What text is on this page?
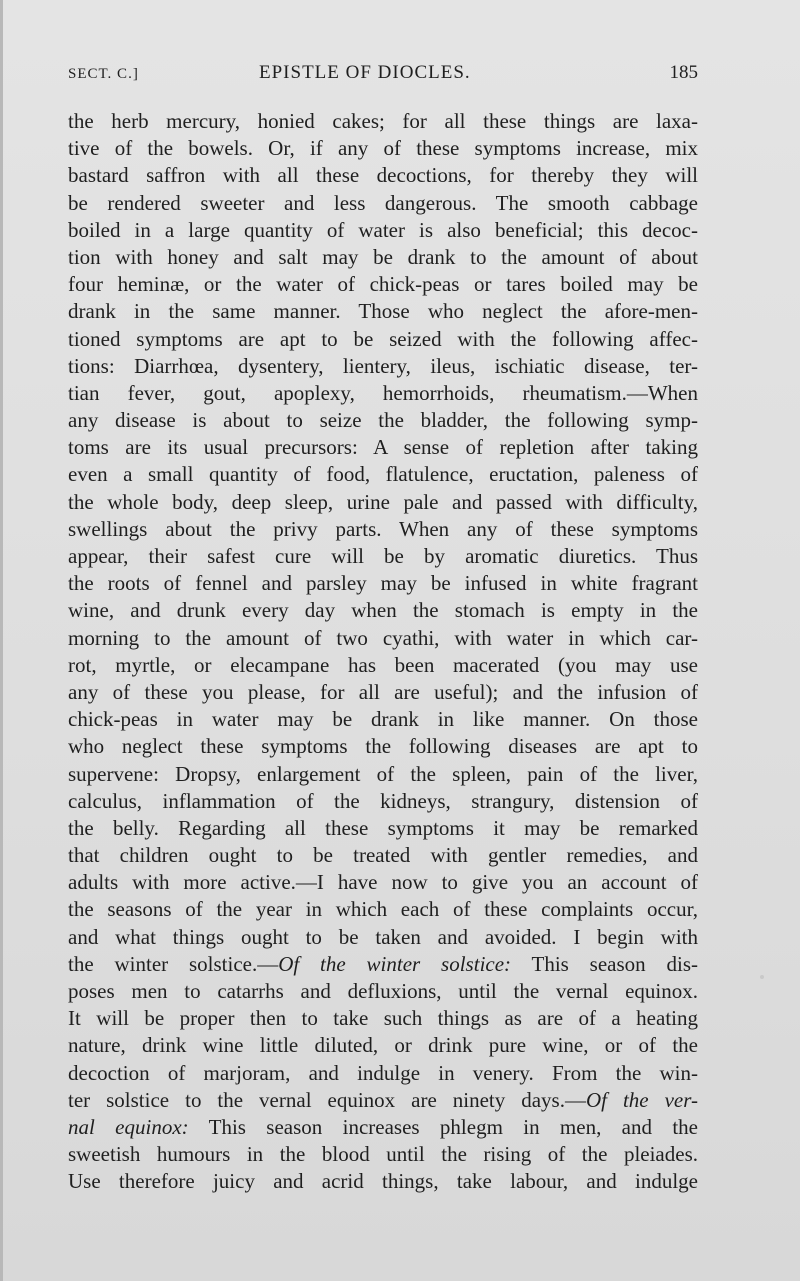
SECT. C.]	EPISTLE OF DIOCLES.	185
the herb mercury, honied cakes; for all these things are laxa-
tive of the bowels. Or, if any of these symptoms increase, mix
bastard saffron with all these decoctions, for thereby they will
be rendered sweeter and less dangerous. The smooth cabbage
boiled in a large quantity of water is also beneficial; this decoc-
tion with honey and salt may be drank to the amount of about
four heminæ, or the water of chick-peas or tares boiled may be
drank in the same manner. Those who neglect the afore-men-
tioned symptoms are apt to be seized with the following affec-
tions: Diarrhœa, dysentery, lientery, ileus, ischiatic disease, ter-
tian fever, gout, apoplexy, hemorrhoids, rheumatism.—When
any disease is about to seize the bladder, the following symp-
toms are its usual precursors: A sense of repletion after taking
even a small quantity of food, flatulence, eructation, paleness of
the whole body, deep sleep, urine pale and passed with difficulty,
swellings about the privy parts. When any of these symptoms
appear, their safest cure will be by aromatic diuretics. Thus
the roots of fennel and parsley may be infused in white fragrant
wine, and drunk every day when the stomach is empty in the
morning to the amount of two cyathi, with water in which car-
rot, myrtle, or elecampane has been macerated (you may use
any of these you please, for all are useful); and the infusion of
chick-peas in water may be drank in like manner. On those
who neglect these symptoms the following diseases are apt to
supervene: Dropsy, enlargement of the spleen, pain of the liver,
calculus, inflammation of the kidneys, strangury, distension of
the belly. Regarding all these symptoms it may be remarked
that children ought to be treated with gentler remedies, and
adults with more active.—I have now to give you an account of
the seasons of the year in which each of these complaints occur,
and what things ought to be taken and avoided. I begin with
the winter solstice.—Of the winter solstice: This season dis-
poses men to catarrhs and defluxions, until the vernal equinox.
It will be proper then to take such things as are of a heating
nature, drink wine little diluted, or drink pure wine, or of the
decoction of marjoram, and indulge in venery. From the win-
ter solstice to the vernal equinox are ninety days.—Of the ver-
nal equinox: This season increases phlegm in men, and the
sweetish humours in the blood until the rising of the pleiades.
Use therefore juicy and acrid things, take labour, and indulge
